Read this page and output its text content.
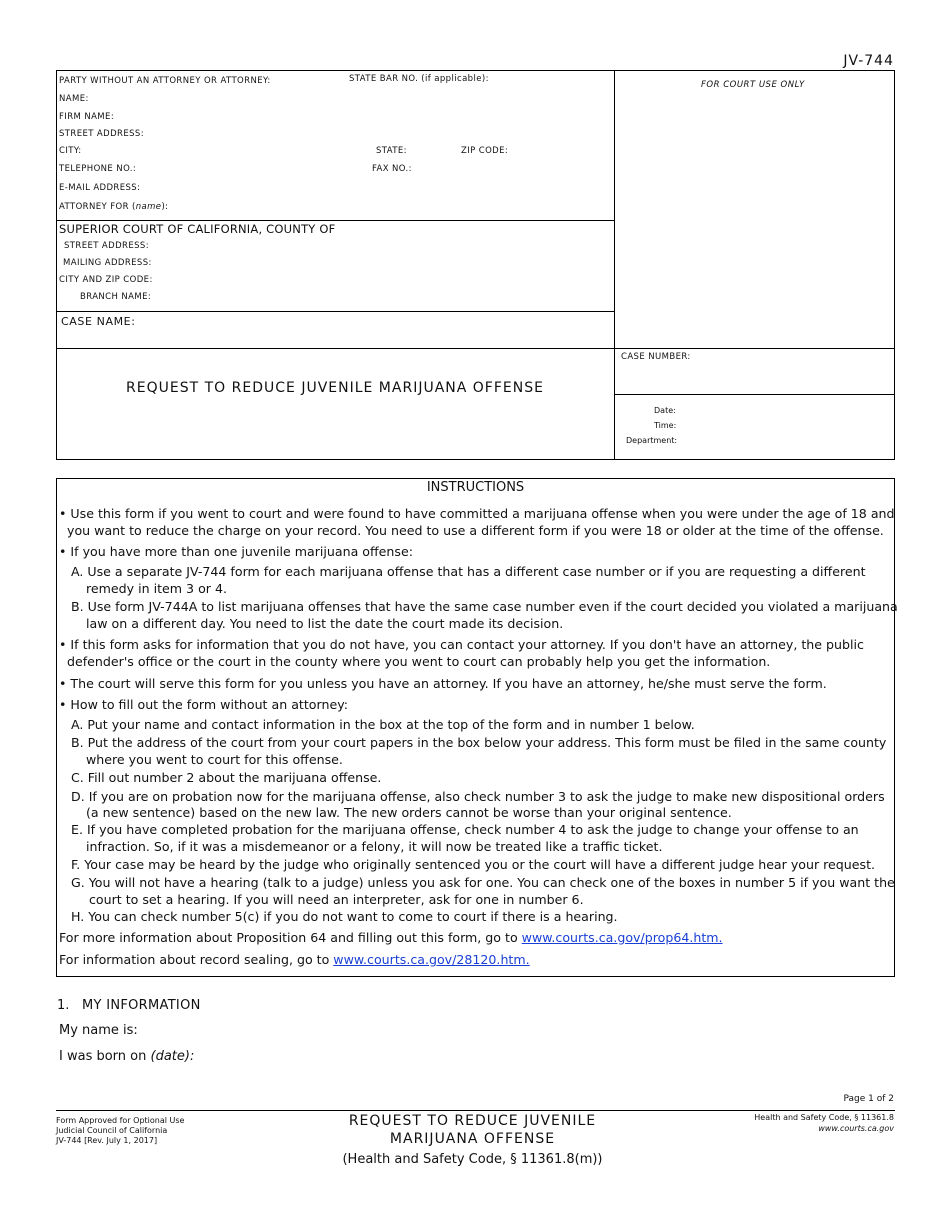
JV-744
PARTY WITHOUT AN ATTORNEY OR ATTORNEY:	STATE BAR NO. (if applicable):
NAME:
FIRM NAME:
STREET ADDRESS:
CITY:	STATE:	ZIP CODE:
TELEPHONE NO.:	FAX NO.:
E-MAIL ADDRESS:
ATTORNEY FOR (name):
FOR COURT USE ONLY
SUPERIOR COURT OF CALIFORNIA, COUNTY OF
STREET ADDRESS:
MAILING ADDRESS:
CITY AND ZIP CODE:
BRANCH NAME:
CASE NAME:
REQUEST TO REDUCE JUVENILE MARIJUANA OFFENSE
CASE NUMBER:
Date:
Time:
Department:
INSTRUCTIONS
• Use this form if you went to court and were found to have committed a marijuana offense when you were under the age of 18 and
you want to reduce the charge on your record. You need to use a different form if you were 18 or older at the time of the offense.
• If you have more than one juvenile marijuana offense:
A. Use a separate JV-744 form for each marijuana offense that has a different case number or if you are requesting a different
remedy in item 3 or 4.
B. Use form JV-744A to list marijuana offenses that have the same case number even if the court decided you violated a marijuana
law on a different day. You need to list the date the court made its decision.
• If this form asks for information that you do not have, you can contact your attorney. If you don't have an attorney, the public
defender's office or the court in the county where you went to court can probably help you get the information.
• The court will serve this form for you unless you have an attorney. If you have an attorney, he/she must serve the form.
• How to fill out the form without an attorney:
A. Put your name and contact information in the box at the top of the form and in number 1 below.
B. Put the address of the court from your court papers in the box below your address. This form must be filed in the same county
where you went to court for this offense.
C. Fill out number 2 about the marijuana offense.
D. If you are on probation now for the marijuana offense, also check number 3 to ask the judge to make new dispositional orders
(a new sentence) based on the new law. The new orders cannot be worse than your original sentence.
E. If you have completed probation for the marijuana offense, check number 4 to ask the judge to change your offense to an
infraction. So, if it was a misdemeanor or a felony, it will now be treated like a traffic ticket.
F. Your case may be heard by the judge who originally sentenced you or the court will have a different judge hear your request.
G. You will not have a hearing (talk to a judge) unless you ask for one. You can check one of the boxes in number 5 if you want the
court to set a hearing. If you will need an interpreter, ask for one in number 6.
H. You can check number 5(c) if you do not want to come to court if there is a hearing.
For more information about Proposition 64 and filling out this form, go to www.courts.ca.gov/prop64.htm.
For information about record sealing, go to www.courts.ca.gov/28120.htm.
1. MY INFORMATION
My name is:
I was born on (date):
Page 1 of 2
Form Approved for Optional Use
Judicial Council of California
JV-744 [Rev. July 1, 2017]
REQUEST TO REDUCE JUVENILE
MARIJUANA OFFENSE
(Health and Safety Code, § 11361.8(m))
Health and Safety Code, § 11361.8
www.courts.ca.gov
